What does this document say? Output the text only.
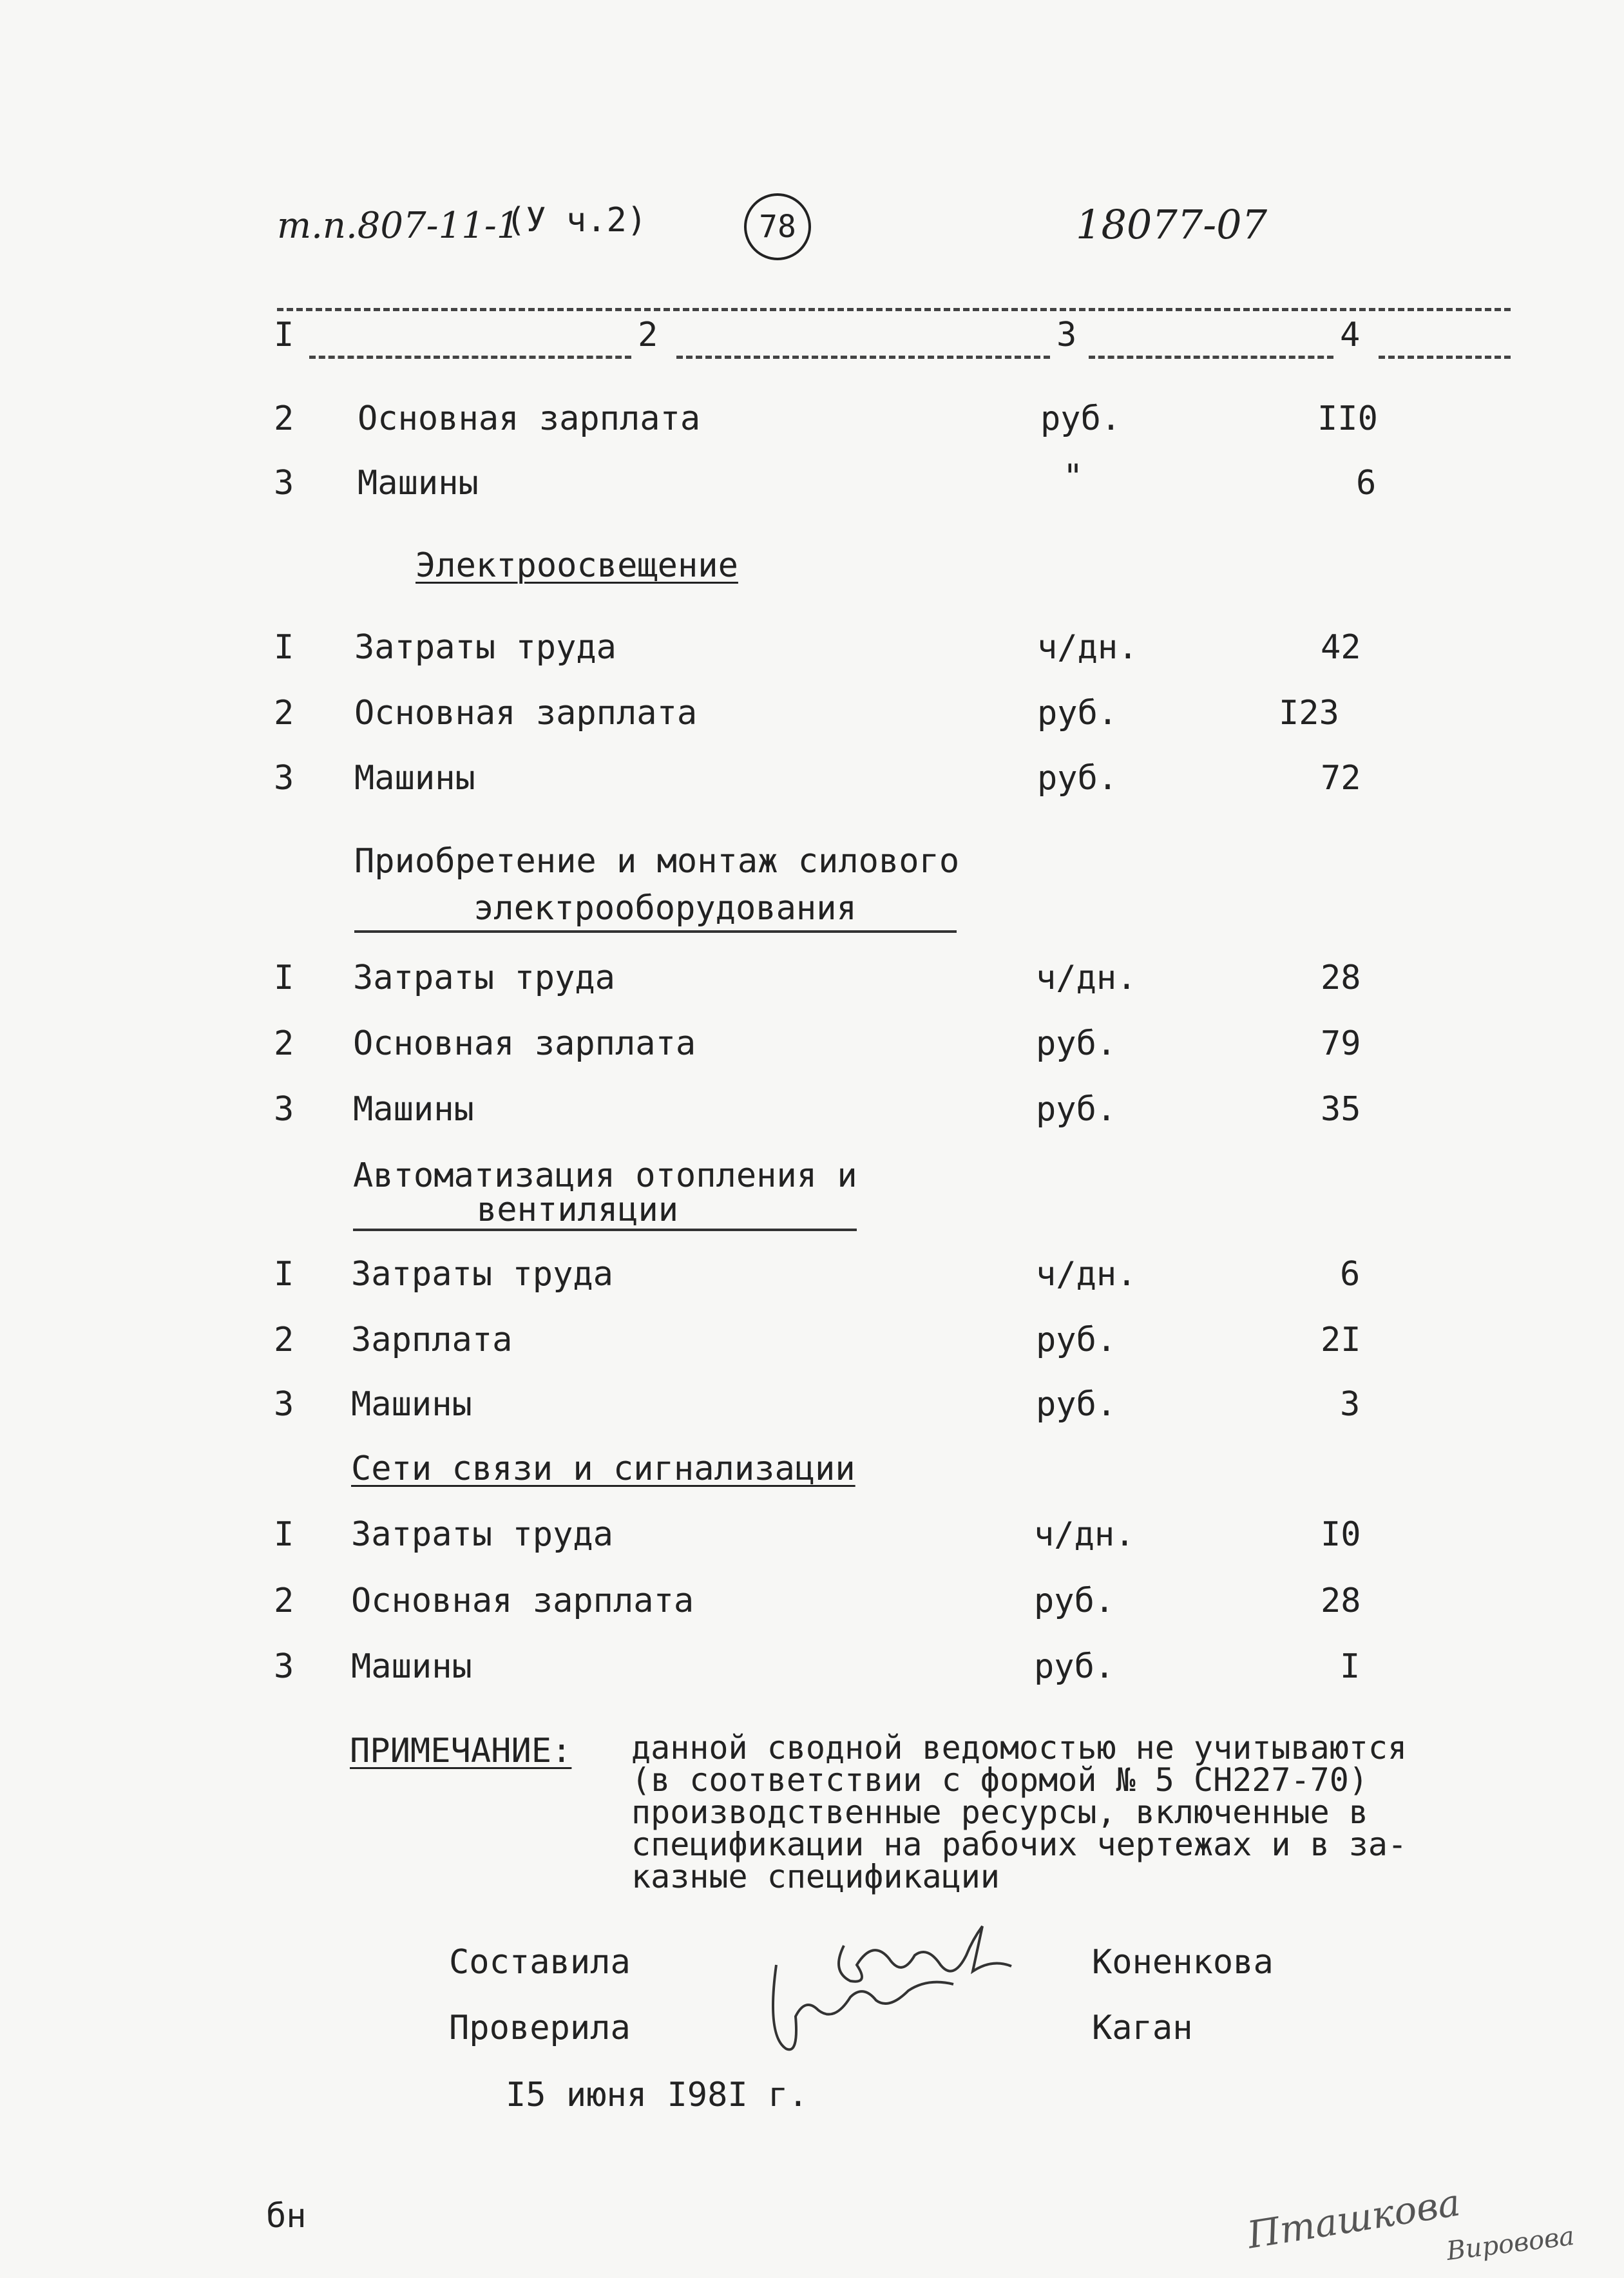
т.п.807-11-1
(У ч.2)	78	18077-07
I	2	3	4
2 Основная зарплата	руб.	II0
3 Машины	"	6
Электроосвещение
I Затраты труда	ч/дн.	42
2 Основная зарплата	руб.	I23
3 Машины	руб.	72
Приобретение и монтаж силового
электрооборудования
I Затраты труда	ч/дн.	28
2 Основная зарплата	руб.	79
3 Машины	руб.	35
Автоматизация отопления и
вентиляции
I Затраты труда	ч/дн.	6
2 Зарплата	руб.	2I
3 Машины	руб.	3
Сети связи и сигнализации
I Затраты труда	ч/дн.	I0
2 Основная зарплата	руб.	28
3 Машины	руб.	I
ПРИМЕЧАНИЕ: данной сводной ведомостью не учитываются
(в соответствии с формой № 5 СН227-70)
производственные ресурсы, включенные в
спецификации на рабочих чертежах и в за-
казные спецификации
Составила	Коненкова
Проверила	Каган
I5 июня I98I г.
бн	Пташкова
Вировова
